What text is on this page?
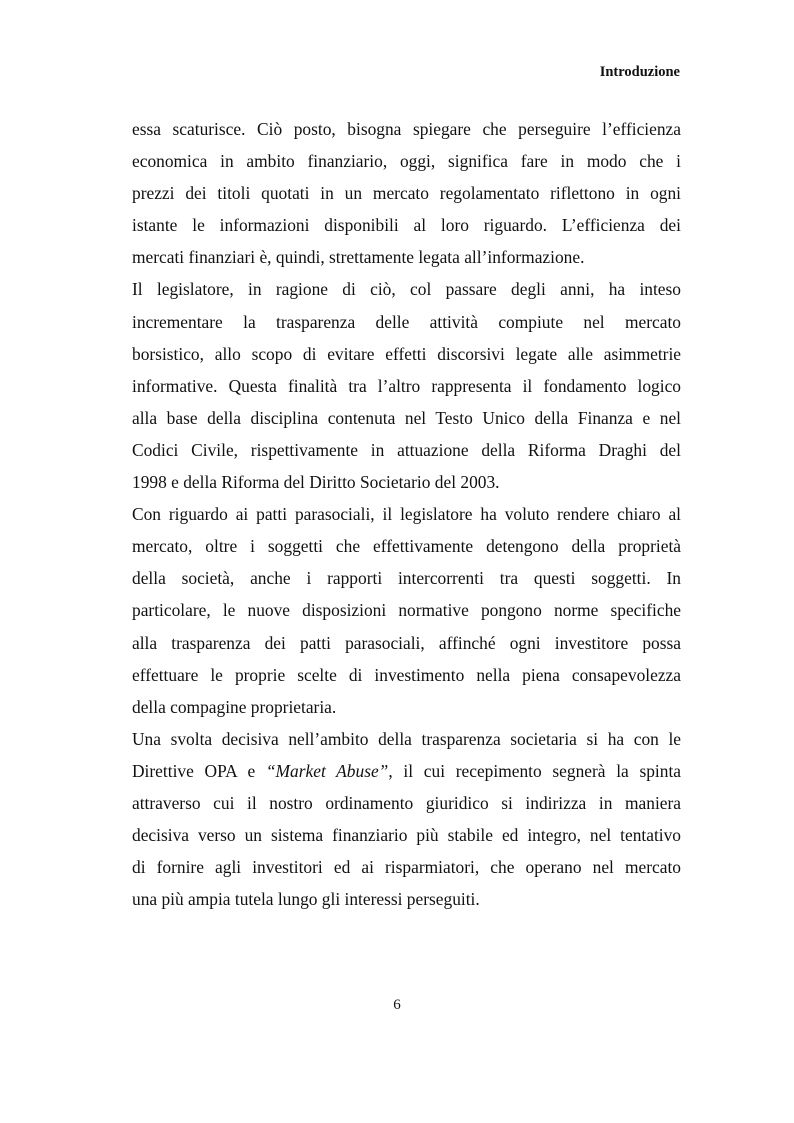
Introduzione

essa scaturisce. Ciò posto, bisogna spiegare che perseguire l’efficienza
economica in ambito finanziario, oggi, significa fare in modo che i
prezzi dei titoli quotati in un mercato regolamentato riflettono in ogni
istante le informazioni disponibili al loro riguardo. L’efficienza dei
mercati finanziari è, quindi, strettamente legata all’informazione.

Il legislatore, in ragione di ciò, col passare degli anni, ha inteso
incrementare la trasparenza delle attività compiute nel mercato
borsistico, allo scopo di evitare effetti discorsivi legate alle asimmetrie
informative. Questa finalità tra l’altro rappresenta il fondamento logico
alla base della disciplina contenuta nel Testo Unico della Finanza e nel
Codici Civile, rispettivamente in attuazione della Riforma Draghi del
1998 e della Riforma del Diritto Societario del 2003.

Con riguardo ai patti parasociali, il legislatore ha voluto rendere chiaro al
mercato, oltre i soggetti che effettivamente detengono della proprietà
della società, anche i rapporti intercorrenti tra questi soggetti. In
particolare, le nuove disposizioni normative pongono norme specifiche
alla trasparenza dei patti parasociali, affinché ogni investitore possa
effettuare le proprie scelte di investimento nella piena consapevolezza
della compagine proprietaria.

Una svolta decisiva nell’ambito della trasparenza societaria si ha con le
Direttive OPA e “Market Abuse”, il cui recepimento segnerà la spinta
attraverso cui il nostro ordinamento giuridico si indirizza in maniera
decisiva verso un sistema finanziario più stabile ed integro, nel tentativo
di fornire agli investitori ed ai risparmiatori, che operano nel mercato
una più ampia tutela lungo gli interessi perseguiti.

6
